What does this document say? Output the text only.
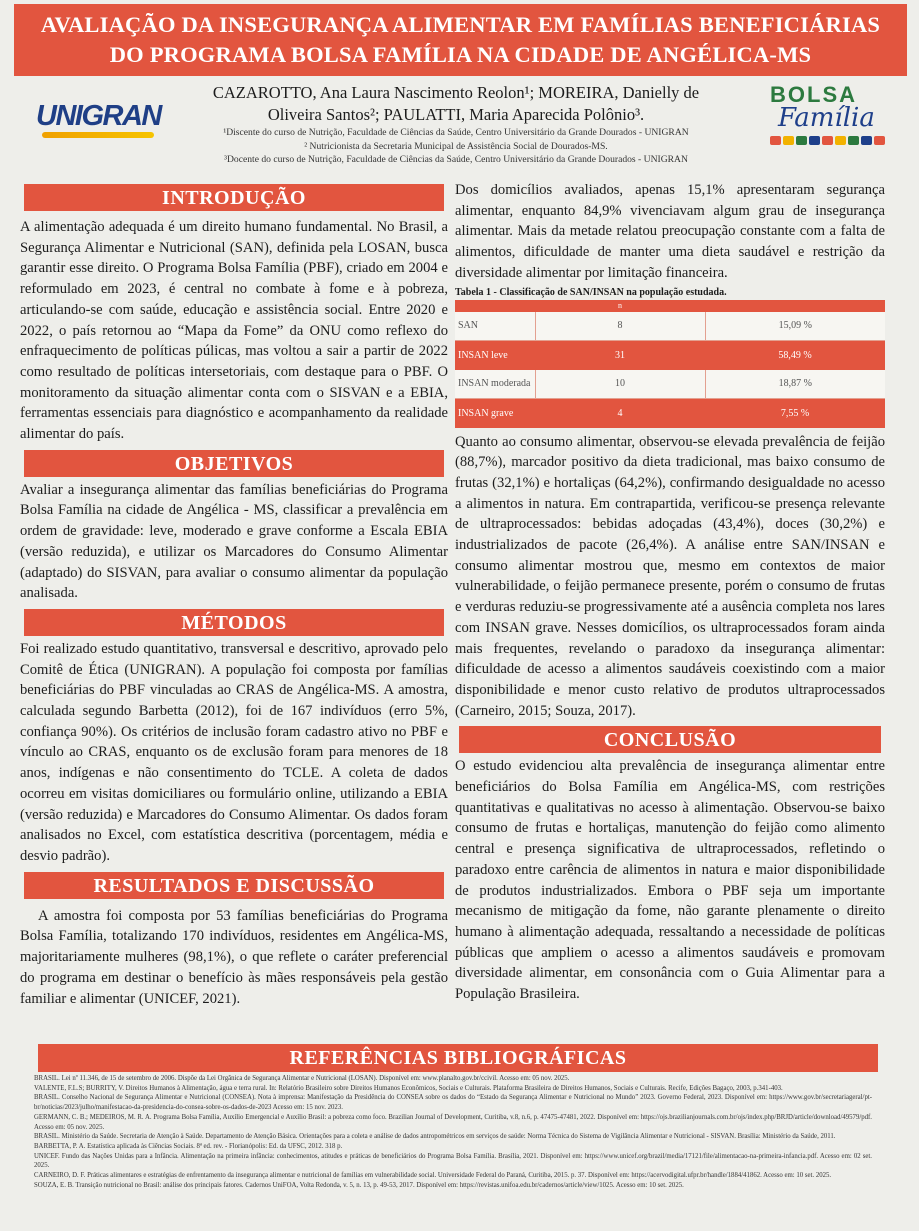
AVALIAÇÃO DA INSEGURANÇA ALIMENTAR EM FAMÍLIAS BENEFICIÁRIAS
DO PROGRAMA BOLSA FAMÍLIA NA CIDADE DE ANGÉLICA-MS
UNIGRAN
CAZAROTTO, Ana Laura Nascimento Reolon¹; MOREIRA, Danielly de
Oliveira Santos²; PAULATTI, Maria Aparecida Polônio³.
¹Discente do curso de Nutrição, Faculdade de Ciências da Saúde, Centro Universitário da Grande Dourados - UNIGRAN
² Nutricionista da Secretaria Municipal de Assistência Social de Dourados-MS.
³Docente do curso de Nutrição, Faculdade de Ciências da Saúde, Centro Universitário da Grande Dourados - UNIGRAN
BOLSA
Família
INTRODUÇÃO
A alimentação adequada é um direito humano fundamental. No Brasil, a Segurança Alimentar e Nutricional (SAN), definida pela LOSAN, busca garantir esse direito. O Programa Bolsa Família (PBF), criado em 2004 e reformulado em 2023, é central no combate à fome e à pobreza, articulando-se com saúde, educação e assistência social. Entre 2020 e 2022, o país retornou ao “Mapa da Fome” da ONU como reflexo do enfraquecimento de políticas púlicas, mas voltou a sair a partir de 2022 como resultado de políticas intersetoriais, com destaque para o PBF. O monitoramento da situação alimentar conta com o SISVAN e a EBIA, ferramentas essenciais para diagnóstico e acompanhamento da realidade alimentar do país.
OBJETIVOS
Avaliar a insegurança alimentar das famílias beneficiárias do Programa Bolsa Família na cidade de Angélica - MS, classificar a prevalência em ordem de gravidade: leve, moderado e grave conforme a Escala EBIA (versão reduzida), e utilizar os Marcadores do Consumo Alimentar (adaptado) do SISVAN, para avaliar o consumo alimentar da população analisada.
MÉTODOS
Foi realizado estudo quantitativo, transversal e descritivo, aprovado pelo Comitê de Ética (UNIGRAN). A população foi composta por famílias beneficiárias do PBF vinculadas ao CRAS de Angélica-MS. A amostra, calculada segundo Barbetta (2012), foi de 167 indivíduos (erro 5%, confiança 90%). Os critérios de inclusão foram cadastro ativo no PBF e vínculo ao CRAS, enquanto os de exclusão foram para menores de 18 anos, indígenas e não consentimento do TCLE. A coleta de dados ocorreu em visitas domiciliares ou formulário online, utilizando a EBIA (versão reduzida) e Marcadores do Consumo Alimentar. Os dados foram analisados no Excel, com estatística descritiva (porcentagem, média e desvio padrão).
RESULTADOS E DISCUSSÃO
A amostra foi composta por 53 famílias beneficiárias do Programa Bolsa Família, totalizando 170 indivíduos, residentes em Angélica-MS, majoritariamente mulheres (98,1%), o que reflete o caráter preferencial do programa em destinar o benefício às mães responsáveis pela gestão familiar e alimentar (UNICEF, 2021).
Dos domicílios avaliados, apenas 15,1% apresentaram segurança alimentar, enquanto 84,9% vivenciavam algum grau de insegurança alimentar. Mais da metade relatou preocupação constante com a falta de alimentos, dificuldade de manter uma dieta saudável e restrição da diversidade alimentar por limitação financeira.
Tabela 1 - Classificação de SAN/INSAN na população estudada.
	n	
SAN	8	15,09 %
INSAN leve	31	58,49 %
INSAN moderada	10	18,87 %
INSAN grave	4	7,55 %
Quanto ao consumo alimentar, observou-se elevada prevalência de feijão (88,7%), marcador positivo da dieta tradicional, mas baixo consumo de frutas (32,1%) e hortaliças (64,2%), confirmando desigualdade no acesso a alimentos in natura. Em contrapartida, verificou-se presença relevante de ultraprocessados: bebidas adoçadas (43,4%), doces (30,2%) e industrializados de pacote (26,4%). A análise entre SAN/INSAN e consumo alimentar mostrou que, mesmo em contextos de maior vulnerabilidade, o feijão permanece presente, porém o consumo de frutas e verduras reduziu-se progressivamente até a ausência completa nos lares com INSAN grave. Nesses domicílios, os ultraprocessados foram ainda mais frequentes, revelando o paradoxo da insegurança alimentar: dificuldade de acesso a alimentos saudáveis coexistindo com a maior disponibilidade e menor custo relativo de produtos ultraprocessados (Carneiro, 2015; Souza, 2017).
CONCLUSÃO
O estudo evidenciou alta prevalência de insegurança alimentar entre beneficiários do Bolsa Família em Angélica-MS, com restrições quantitativas e qualitativas no acesso à alimentação. Observou-se baixo consumo de frutas e hortaliças, manutenção do feijão como alimento central e presença significativa de ultraprocessados, refletindo o paradoxo entre carência de alimentos in natura e maior disponibilidade de produtos industrializados. Embora o PBF seja um importante mecanismo de mitigação da fome, não garante plenamente o direito humano à alimentação adequada, ressaltando a necessidade de políticas públicas que ampliem o acesso a alimentos saudáveis e promovam diversidade alimentar, em consonância com o Guia Alimentar para a População Brasileira.
REFERÊNCIAS BIBLIOGRÁFICAS
BRASIL. Lei nº 11.346, de 15 de setembro de 2006. Dispõe da Lei Orgânica de Segurança Alimentar e Nutricional (LOSAN). Disponível em: www.planalto.gov.br/ccivil. Acesso em: 05 nov. 2025.
VALENTE, F.L.S; BURRITY, V. Direitos Humanos à Alimentação, água e terra rural. In: Relatório Brasileiro sobre Direitos Humanos Econômicos, Sociais e Culturais. Plataforma Brasileira de Direitos Humanos, Sociais e Culturais. Recife, Edições Bagaço, 2003, p.341-403.
BRASIL. Conselho Nacional de Segurança Alimentar e Nutricional (CONSEA). Nota à imprensa: Manifestação da Presidência do CONSEA sobre os dados do “Estado da Segurança Alimentar e Nutricional no Mundo” 2023. Governo Federal, 2023. Disponível em: https://www.gov.br/secretariageral/pt-br/noticias/2023/julho/manifestacao-da-presidencia-do-consea-sobre-os-dados-de-2023 Acesso em: 15 nov. 2023.
GERMANN, C. B.; MEDEIROS, M. R. A. Programa Bolsa Família, Auxílio Emergencial e Auxílio Brasil: a pobreza como foco. Brazilian Journal of Development, Curitiba, v.8, n.6, p. 47475-47481, 2022. Disponível em: https://ojs.brazilianjournals.com.br/ojs/index.php/BRJD/article/download/49579/pdf. Acesso em: 05 nov. 2025.
BRASIL. Ministério da Saúde. Secretaria de Atenção à Saúde. Departamento de Atenção Básica. Orientações para a coleta e análise de dados antropométricos em serviços de saúde: Norma Técnica do Sistema de Vigilância Alimentar e Nutricional - SISVAN. Brasília: Ministério da Saúde, 2011.
BARBETTA, P. A. Estatística aplicada às Ciências Sociais. 8ª ed. rev. - Florianópolis: Ed. da UFSC, 2012. 318 p.
UNICEF. Fundo das Nações Unidas para a Infância. Alimentação na primeira infância: conhecimentos, atitudes e práticas de beneficiários do Programa Bolsa Família. Brasília, 2021. Disponível em: https://www.unicef.org/brazil/media/17121/file/alimentacao-na-primeira-infancia.pdf. Acesso em: 02 set. 2025.
CARNEIRO, D. F. Práticas alimentares e estratégias de enfrentamento da insegurança alimentar e nutricional de famílias em vulnerabilidade social. Universidade Federal do Paraná, Curitiba, 2015. p. 37. Disponível em: https://acervodigital.ufpr.br/handle/1884/41862. Acesso em: 10 set. 2025.
SOUZA, E. B. Transição nutricional no Brasil: análise dos principais fatores. Cadernos UniFOA, Volta Redonda, v. 5, n. 13, p. 49-53, 2017. Disponível em: https://revistas.unifoa.edu.br/cadernos/article/view/1025. Acesso em: 10 set. 2025.
